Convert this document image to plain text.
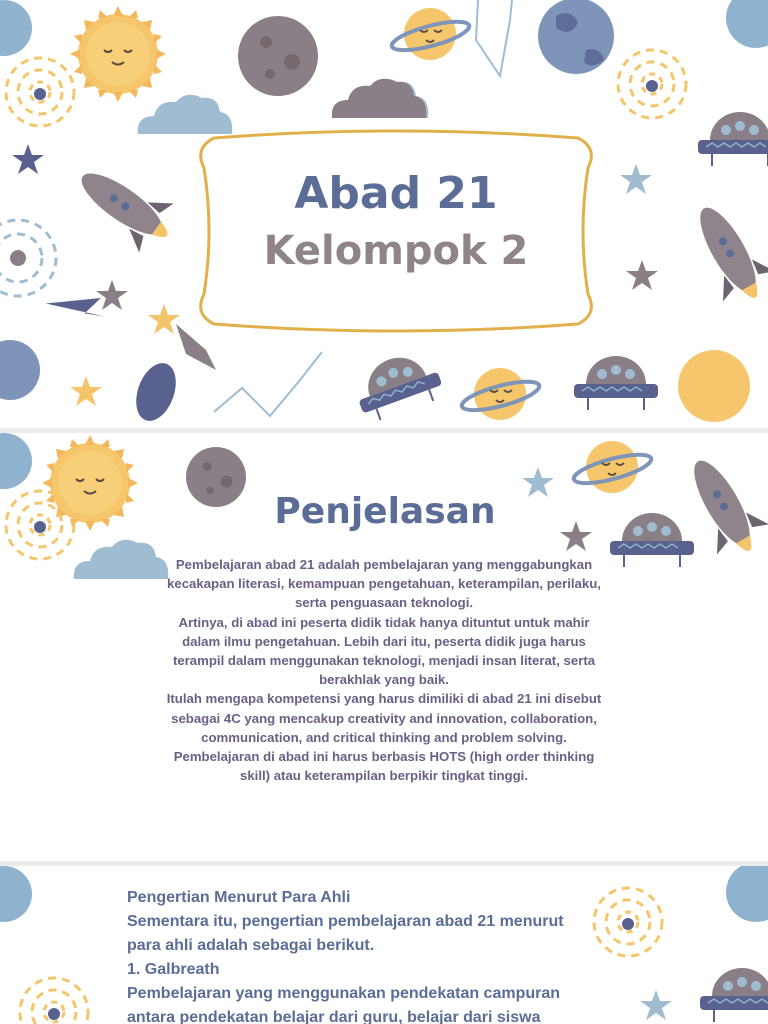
Abad 21
Kelompok 2
Penjelasan

Pembelajaran abad 21 adalah pembelajaran yang menggabungkan kecakapan literasi, kemampuan pengetahuan, keterampilan, perilaku, serta penguasaan teknologi.

Artinya, di abad ini peserta didik tidak hanya dituntut untuk mahir dalam ilmu pengetahuan. Lebih dari itu, peserta didik juga harus terampil dalam menggunakan teknologi, menjadi insan literat, serta berakhlak yang baik.

Itulah mengapa kompetensi yang harus dimiliki di abad 21 ini disebut sebagai 4C yang mencakup creativity and innovation, collaboration, communication, and critical thinking and problem solving.

Pembelajaran di abad ini harus berbasis HOTS (high order thinking skill) atau keterampilan berpikir tingkat tinggi.

Pengertian Menurut Para Ahli
Sementara itu, pengertian pembelajaran abad 21 menurut
para ahli adalah sebagai berikut.
1. Galbreath
Pembelajaran yang menggunakan pendekatan campuran
antara pendekatan belajar dari guru, belajar dari siswa
